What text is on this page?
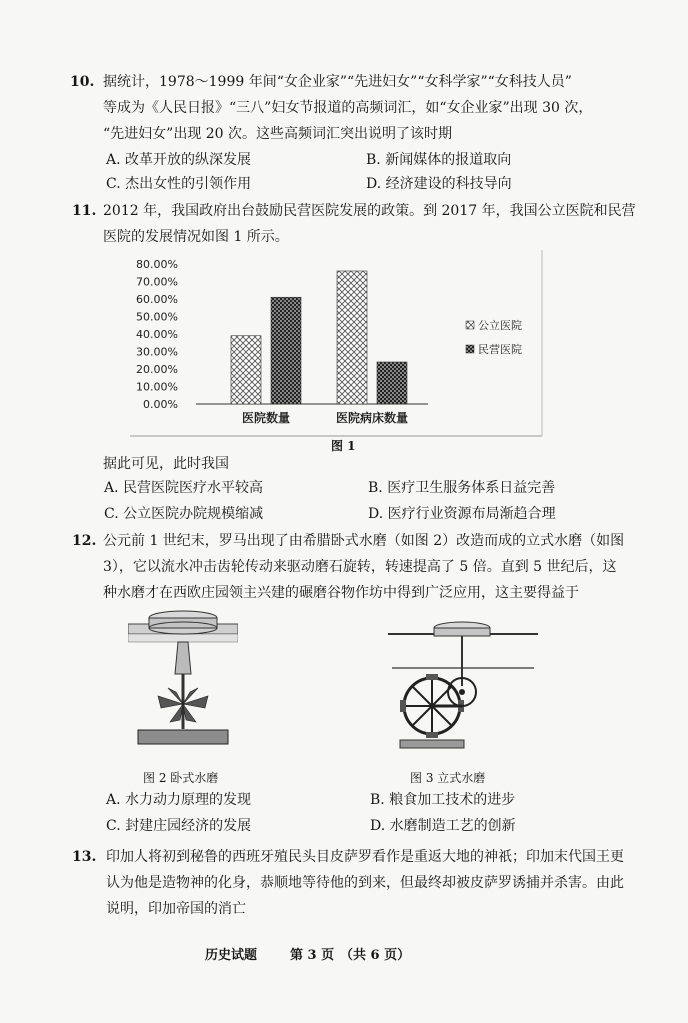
10. 据统计，1978～1999 年间“女企业家”“先进妇女”“女科学家”“女科技人员”
等成为《人民日报》“三八”妇女节报道的高频词汇，如“女企业家”出现 30 次，
“先进妇女”出现 20 次。这些高频词汇突出说明了该时期
A. 改革开放的纵深发展	B. 新闻媒体的报道取向
C. 杰出女性的引领作用	D. 经济建设的科技导向
11. 2012 年，我国政府出台鼓励民营医院发展的政策。到 2017 年，我国公立医院和民营
医院的发展情况如图 1 所示。
0.00%
10.00%
20.00%
30.00%
40.00%
50.00%
60.00%
70.00%
80.00%
医院数量	医院病床数量
公立医院
民营医院
图 1
据此可见，此时我国
A. 民营医院医疗水平较高	B. 医疗卫生服务体系日益完善
C. 公立医院办院规模缩减	D. 医疗行业资源布局渐趋合理
12. 公元前 1 世纪末，罗马出现了由希腊卧式水磨（如图 2）改造而成的立式水磨（如图
3），它以流水冲击齿轮传动来驱动磨石旋转，转速提高了 5 倍。直到 5 世纪后，这
种水磨才在西欧庄园领主兴建的碾磨谷物作坊中得到广泛应用，这主要得益于
图 2 卧式水磨	图 3 立式水磨
A. 水力动力原理的发现	B. 粮食加工技术的进步
C. 封建庄园经济的发展	D. 水磨制造工艺的创新
13. 印加人将初到秘鲁的西班牙殖民头目皮萨罗看作是重返大地的神祇；印加末代国王更
认为他是造物神的化身，恭顺地等待他的到来，但最终却被皮萨罗诱捕并杀害。由此
说明，印加帝国的消亡
历史试题	第 3 页 （共 6 页）
